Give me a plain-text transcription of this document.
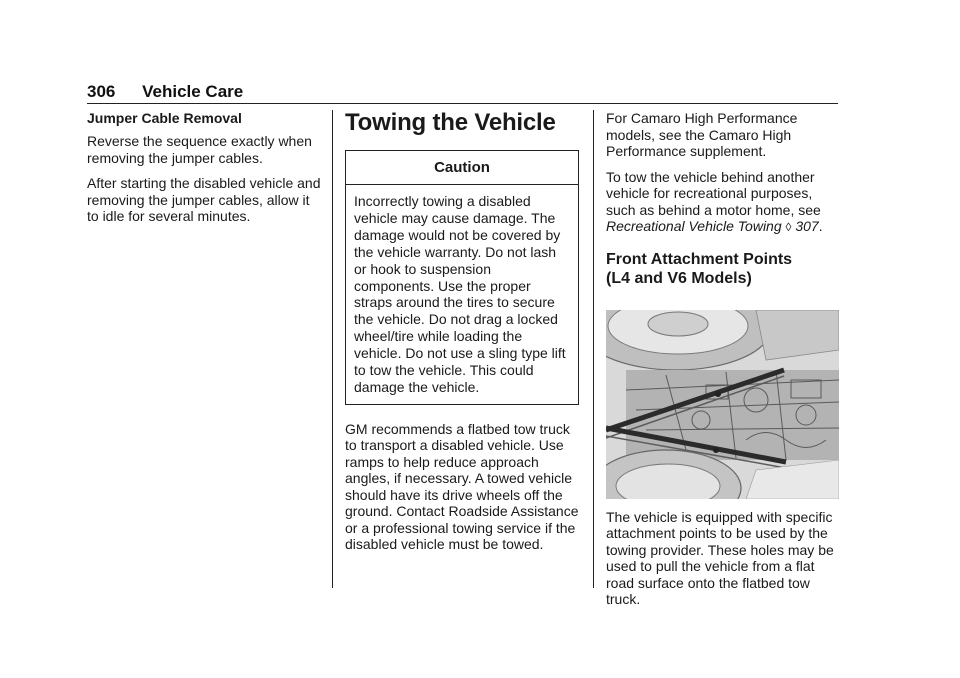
306 Vehicle Care
Jumper Cable Removal

Reverse the sequence exactly when removing the jumper cables.

After starting the disabled vehicle and removing the jumper cables, allow it to idle for several minutes.

Towing the Vehicle
Caution
Incorrectly towing a disabled vehicle may cause damage. The damage would not be covered by the vehicle warranty. Do not lash or hook to suspension components. Use the proper straps around the tires to secure the vehicle. Do not drag a locked wheel/tire while loading the vehicle. Do not use a sling type lift to tow the vehicle. This could damage the vehicle.

GM recommends a flatbed tow truck to transport a disabled vehicle. Use ramps to help reduce approach angles, if necessary. A towed vehicle should have its drive wheels off the ground. Contact Roadside Assistance or a professional towing service if the disabled vehicle must be towed.

For Camaro High Performance models, see the Camaro High Performance supplement.

To tow the vehicle behind another vehicle for recreational purposes, such as behind a motor home, see Recreational Vehicle Towing ◊ 307.

Front Attachment Points
(L4 and V6 Models)

The vehicle is equipped with specific attachment points to be used by the towing provider. These holes may be used to pull the vehicle from a flat road surface onto the flatbed tow truck.
